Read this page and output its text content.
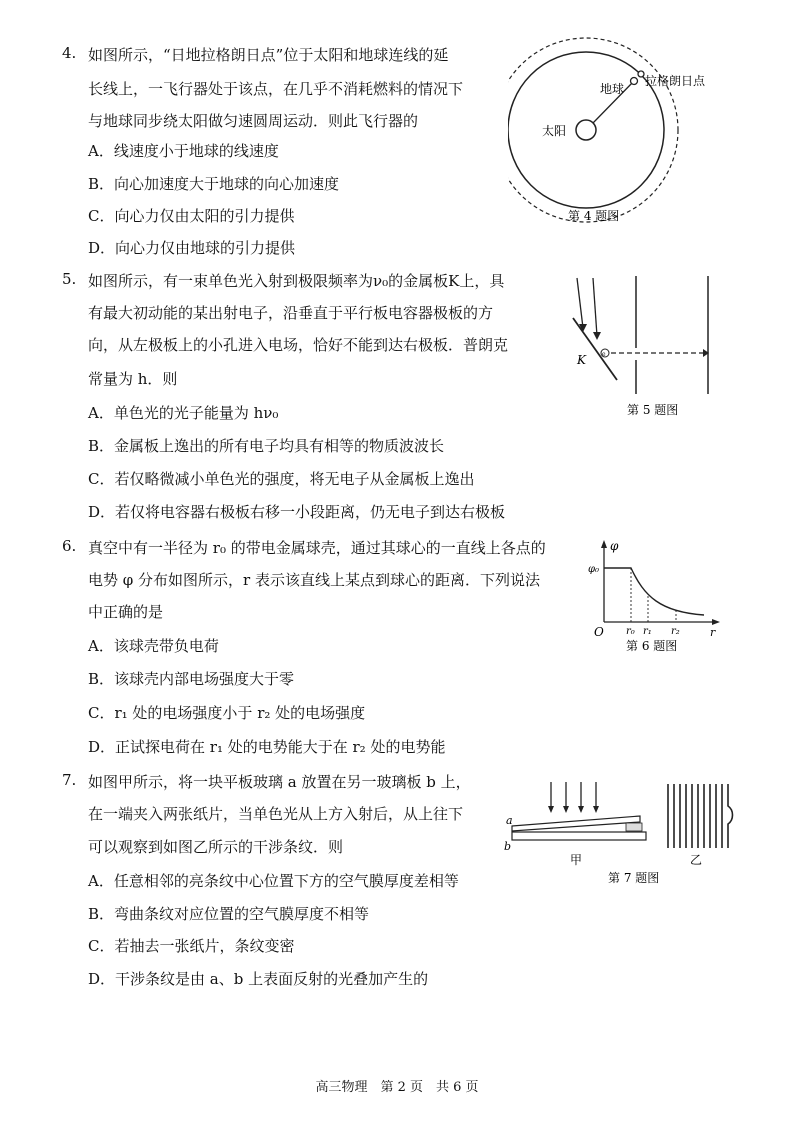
4. 如图所示，“日地拉格朗日点”位于太阳和地球连线的延
长线上，一飞行器处于该点，在几乎不消耗燃料的情况下
与地球同步绕太阳做匀速圆周运动．则此飞行器的
A．线速度小于地球的线速度
B．向心加速度大于地球的向心加速度
C．向心力仅由太阳的引力提供
D．向心力仅由地球的引力提供
太阳
地球
拉格朗日点
第 4 题图
5. 如图所示，有一束单色光入射到极限频率为ν₀的金属板K上，具
有最大初动能的某出射电子，沿垂直于平行板电容器极板的方
向，从左极板上的小孔进入电场，恰好不能到达右极板．普朗克
常量为 h．则
A．单色光的光子能量为 hν₀
B．金属板上逸出的所有电子均具有相等的物质波波长
C．若仅略微减小单色光的强度，将无电子从金属板上逸出
D．若仅将电容器右极板右移一小段距离，仍无电子到达右极板
K	e
第 5 题图
6. 真空中有一半径为 r₀ 的带电金属球壳，通过其球心的一直线上各点的
电势 φ 分布如图所示，r 表示该直线上某点到球心的距离．下列说法
中正确的是
A．该球壳带负电荷
B．该球壳内部电场强度大于零
C．r₁ 处的电场强度小于 r₂ 处的电场强度
D．正试探电荷在 r₁ 处的电势能大于在 r₂ 处的电势能
φ
φ₀
O r₀ r₁ r₂	r
第 6 题图
7. 如图甲所示，将一块平板玻璃 a 放置在另一玻璃板 b 上，
在一端夹入两张纸片，当单色光从上方入射后，从上往下
可以观察到如图乙所示的干涉条纹．则
A．任意相邻的亮条纹中心位置下方的空气膜厚度差相等
B．弯曲条纹对应位置的空气膜厚度不相等
C．若抽去一张纸片，条纹变密
D．干涉条纹是由 a、b 上表面反射的光叠加产生的
a
b
甲	乙
第 7 题图
高三物理　第 2 页　共 6 页
